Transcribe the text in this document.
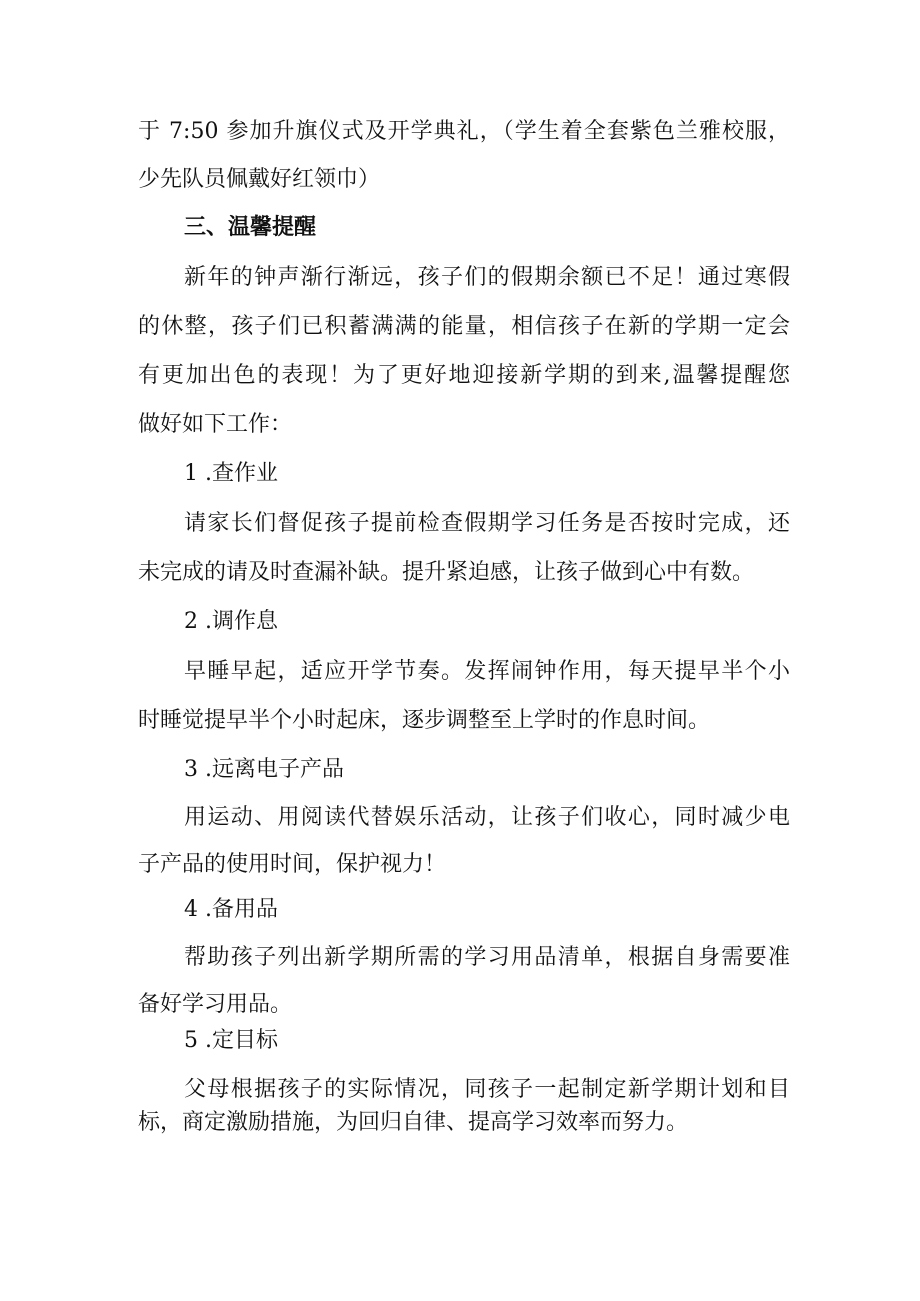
于 7:50 参加升旗仪式及开学典礼，（学生着全套紫色兰雅校服，
少先队员佩戴好红领巾）
三、温馨提醒
新年的钟声渐行渐远，孩子们的假期余额已不足！通过寒假
的休整，孩子们已积蓄满满的能量，相信孩子在新的学期一定会
有更加出色的表现！为了更好地迎接新学期的到来,温馨提醒您
做好如下工作：
1 .查作业
请家长们督促孩子提前检查假期学习任务是否按时完成，还
未完成的请及时查漏补缺。提升紧迫感，让孩子做到心中有数。
2 .调作息
早睡早起，适应开学节奏。发挥闹钟作用，每天提早半个小
时睡觉提早半个小时起床，逐步调整至上学时的作息时间。
3 .远离电子产品
用运动、用阅读代替娱乐活动，让孩子们收心，同时减少电
子产品的使用时间，保护视力！
4 .备用品
帮助孩子列出新学期所需的学习用品清单，根据自身需要准
备好学习用品。
5 .定目标
父母根据孩子的实际情况，同孩子一起制定新学期计划和目
标，商定激励措施，为回归自律、提高学习效率而努力。
